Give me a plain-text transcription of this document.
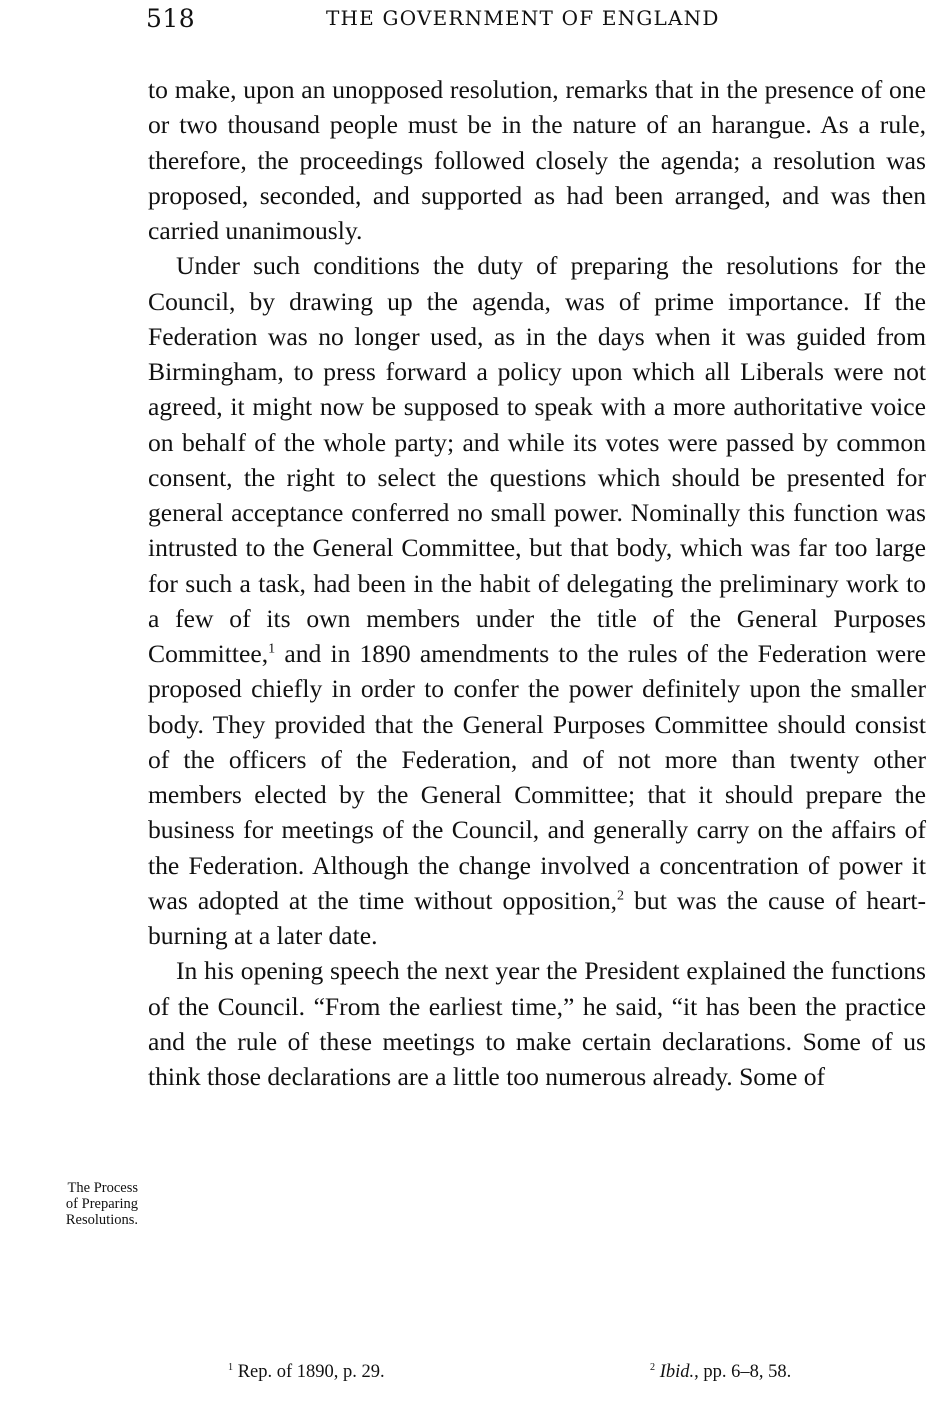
518	THE GOVERNMENT OF ENGLAND
The Process
of Preparing
Resolutions.

to make, upon an unopposed resolution, remarks that in the presence of one or two thousand people must be in the nature of an harangue. As a rule, therefore, the proceedings followed closely the agenda; a resolution was proposed, seconded, and supported as had been arranged, and was then carried unanimously.

Under such conditions the duty of preparing the resolutions for the Council, by drawing up the agenda, was of prime importance. If the Federation was no longer used, as in the days when it was guided from Birmingham, to press forward a policy upon which all Liberals were not agreed, it might now be supposed to speak with a more authoritative voice on behalf of the whole party; and while its votes were passed by common consent, the right to select the questions which should be presented for general acceptance conferred no small power. Nominally this function was intrusted to the General Committee, but that body, which was far too large for such a task, had been in the habit of delegating the preliminary work to a few of its own members under the title of the General Purposes Committee,$^1$ and in 1890 amendments to the rules of the Federation were proposed chiefly in order to confer the power definitely upon the smaller body. They provided that the General Purposes Committee should consist of the officers of the Federation, and of not more than twenty other members elected by the General Committee; that it should prepare the business for meetings of the Council, and generally carry on the affairs of the Federation. Although the change involved a concentration of power it was adopted at the time without opposition,$^2$ but was the cause of heart-burning at a later date.

In his opening speech the next year the President explained the functions of the Council. “From the earliest time,” he said, “it has been the practice and the rule of these meetings to make certain declarations. Some of us think those declarations are a little too numerous already. Some of

$^1$ Rep. of 1890, p. 29.	$^2$ Ibid., pp. 6–8, 58.
